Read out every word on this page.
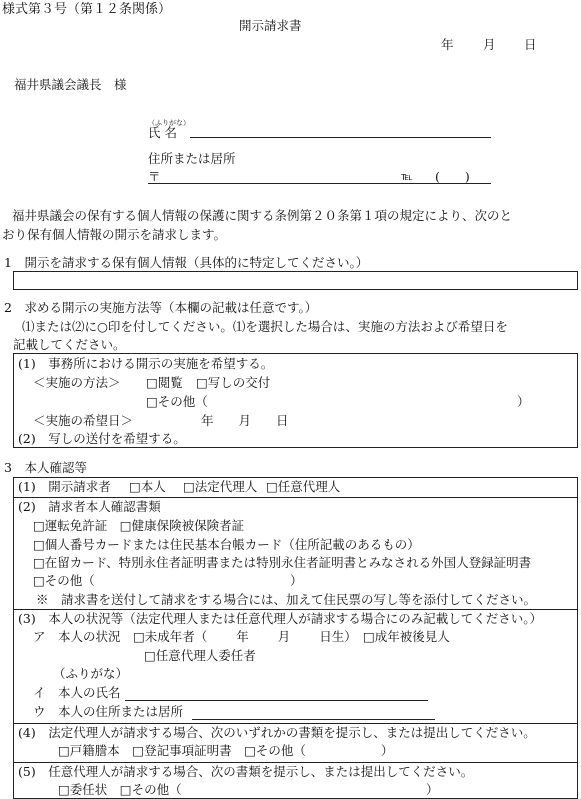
様式第３号（第１２条関係）
開示請求書
年 月 日
福井県議会議長　様
（ふりがな）
氏 名
住所または居所
〒	℡ (　　)
福井県議会の保有する個人情報の保護に関する条例第２０条第１項の規定により、次のと
おり保有個人情報の開示を請求します。
1　開示を請求する保有個人情報（具体的に特定してください。）
2　求める開示の実施方法等（本欄の記載は任意です。）
⑴または⑵に○印を付してください。⑴を選択した場合は、実施の方法および希望日を
記載してください。
(1)　事務所における開示の実施を希望する。
＜実施の方法＞ □閲覧 □写しの交付
□その他（	）
＜実施の希望日＞	年　　月　　日
(2)　写しの送付を希望する。
3　本人確認等
(1)　開示請求者 □本人 □法定代理人 □任意代理人
(2)　請求者本人確認書類
□運転免許証　□健康保険被保険者証
□個人番号カードまたは住民基本台帳カード（住所記載のあるもの）
□在留カード、特別永住者証明書または特別永住者証明書とみなされる外国人登録証明書
□その他（	）
※　請求書を送付して請求をする場合には、加えて住民票の写し等を添付してください。
(3)　本人の状況等（法定代理人または任意代理人が請求する場合にのみ記載してください。）
ア　本人の状況　□未成年者（　　 年　　 月　　 日生）　□成年被後見人
□任意代理人委任者
（ふりがな）
イ　本人の氏名
ウ　本人の住所または居所
(4)　法定代理人が請求する場合、次のいずれかの書類を提示し、または提出してください。
□戸籍謄本　□登記事項証明書　□その他（　　　　　　）
(5)　任意代理人が請求する場合、次の書類を提示し、または提出してください。
□委任状　□その他（	）
